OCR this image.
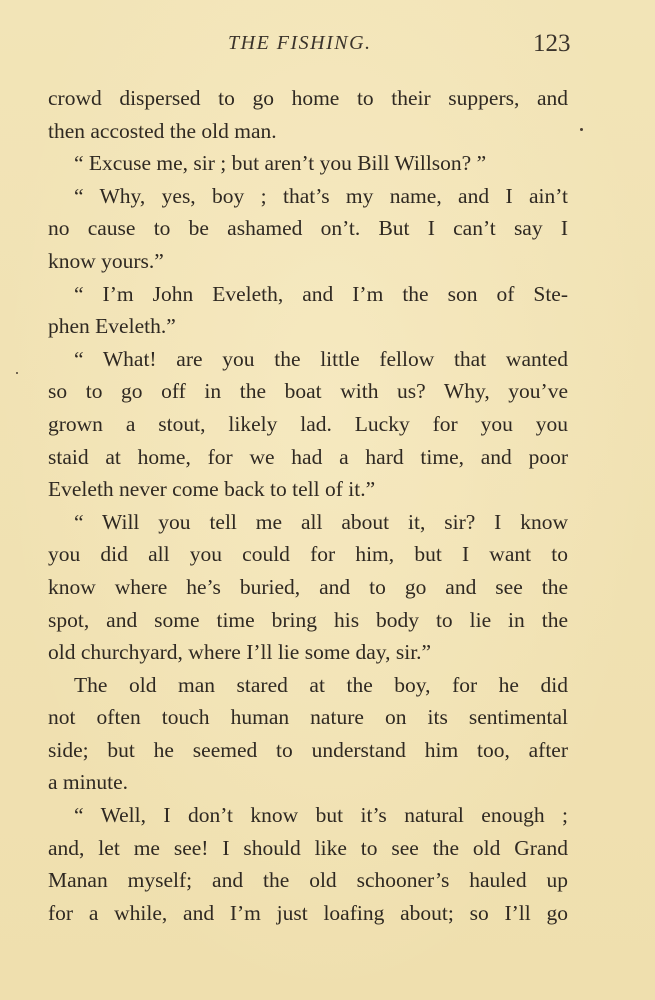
THE FISHING.	123
crowd dispersed to go home to their suppers, and
then accosted the old man.
“ Excuse me, sir ; but aren’t you Bill Willson? ”
“ Why, yes, boy ; that’s my name, and I ain’t
no cause to be ashamed on’t. But I can’t say I
know yours.”
“ I’m John Eveleth, and I’m the son of Ste-
phen Eveleth.”
“ What! are you the little fellow that wanted
so to go off in the boat with us? Why, you’ve
grown a stout, likely lad. Lucky for you you
staid at home, for we had a hard time, and poor
Eveleth never come back to tell of it.”
“ Will you tell me all about it, sir? I know
you did all you could for him, but I want to
know where he’s buried, and to go and see the
spot, and some time bring his body to lie in the
old churchyard, where I’ll lie some day, sir.”
The old man stared at the boy, for he did
not often touch human nature on its sentimental
side; but he seemed to understand him too, after
a minute.
“ Well, I don’t know but it’s natural enough ;
and, let me see! I should like to see the old Grand
Manan myself; and the old schooner’s hauled up
for a while, and I’m just loafing about; so I’ll go
